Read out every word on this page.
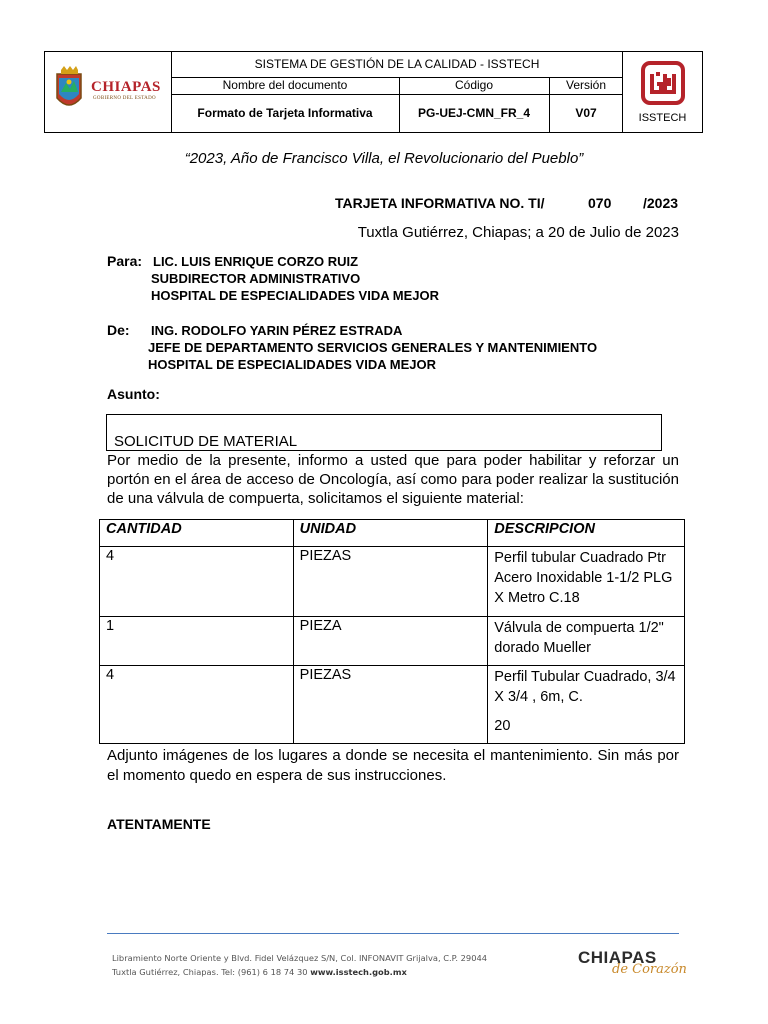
CHIAPAS
GOBIERNO DEL ESTADO
SISTEMA DE GESTIÓN DE LA CALIDAD - ISSTECH
Nombre del documento	Código	Versión
Formato de Tarjeta Informativa	PG-UEJ-CMN_FR_4	V07	ISSTECH
“2023, Año de Francisco Villa, el Revolucionario del Pueblo”
TARJETA INFORMATIVA NO. TI/	070 /2023
Tuxtla Gutiérrez, Chiapas; a 20 de Julio de 2023
Para: LIC. LUIS ENRIQUE CORZO RUIZ
SUBDIRECTOR ADMINISTRATIVO
HOSPITAL DE ESPECIALIDADES VIDA MEJOR
De: ING. RODOLFO YARIN PÉREZ ESTRADA
JEFE DE DEPARTAMENTO SERVICIOS GENERALES Y MANTENIMIENTO
HOSPITAL DE ESPECIALIDADES VIDA MEJOR
Asunto:
SOLICITUD DE MATERIAL
Por medio de la presente, informo a usted que para poder habilitar y reforzar un portón en el área de acceso de Oncología, así como para poder realizar la sustitución de una válvula de compuerta, solicitamos el siguiente material:
CANTIDAD	UNIDAD	DESCRIPCION
4	PIEZAS	Perfil tubular Cuadrado Ptr Acero Inoxidable 1-1/2 PLG X Metro C.18
1	PIEZA	Válvula de compuerta 1/2" dorado Mueller
4	PIEZAS	Perfil Tubular Cuadrado, 3/4 X 3/4 , 6m, C.
20
Adjunto imágenes de los lugares a donde se necesita el mantenimiento. Sin más por el momento quedo en espera de sus instrucciones.
ATENTAMENTE
Libramiento Norte Oriente y Blvd. Fidel Velázquez S/N, Col. INFONAVIT Grijalva, C.P. 29044
Tuxtla Gutiérrez, Chiapas. Tel: (961) 6 18 74 30 www.isstech.gob.mx
CHIAPAS
de Corazón
